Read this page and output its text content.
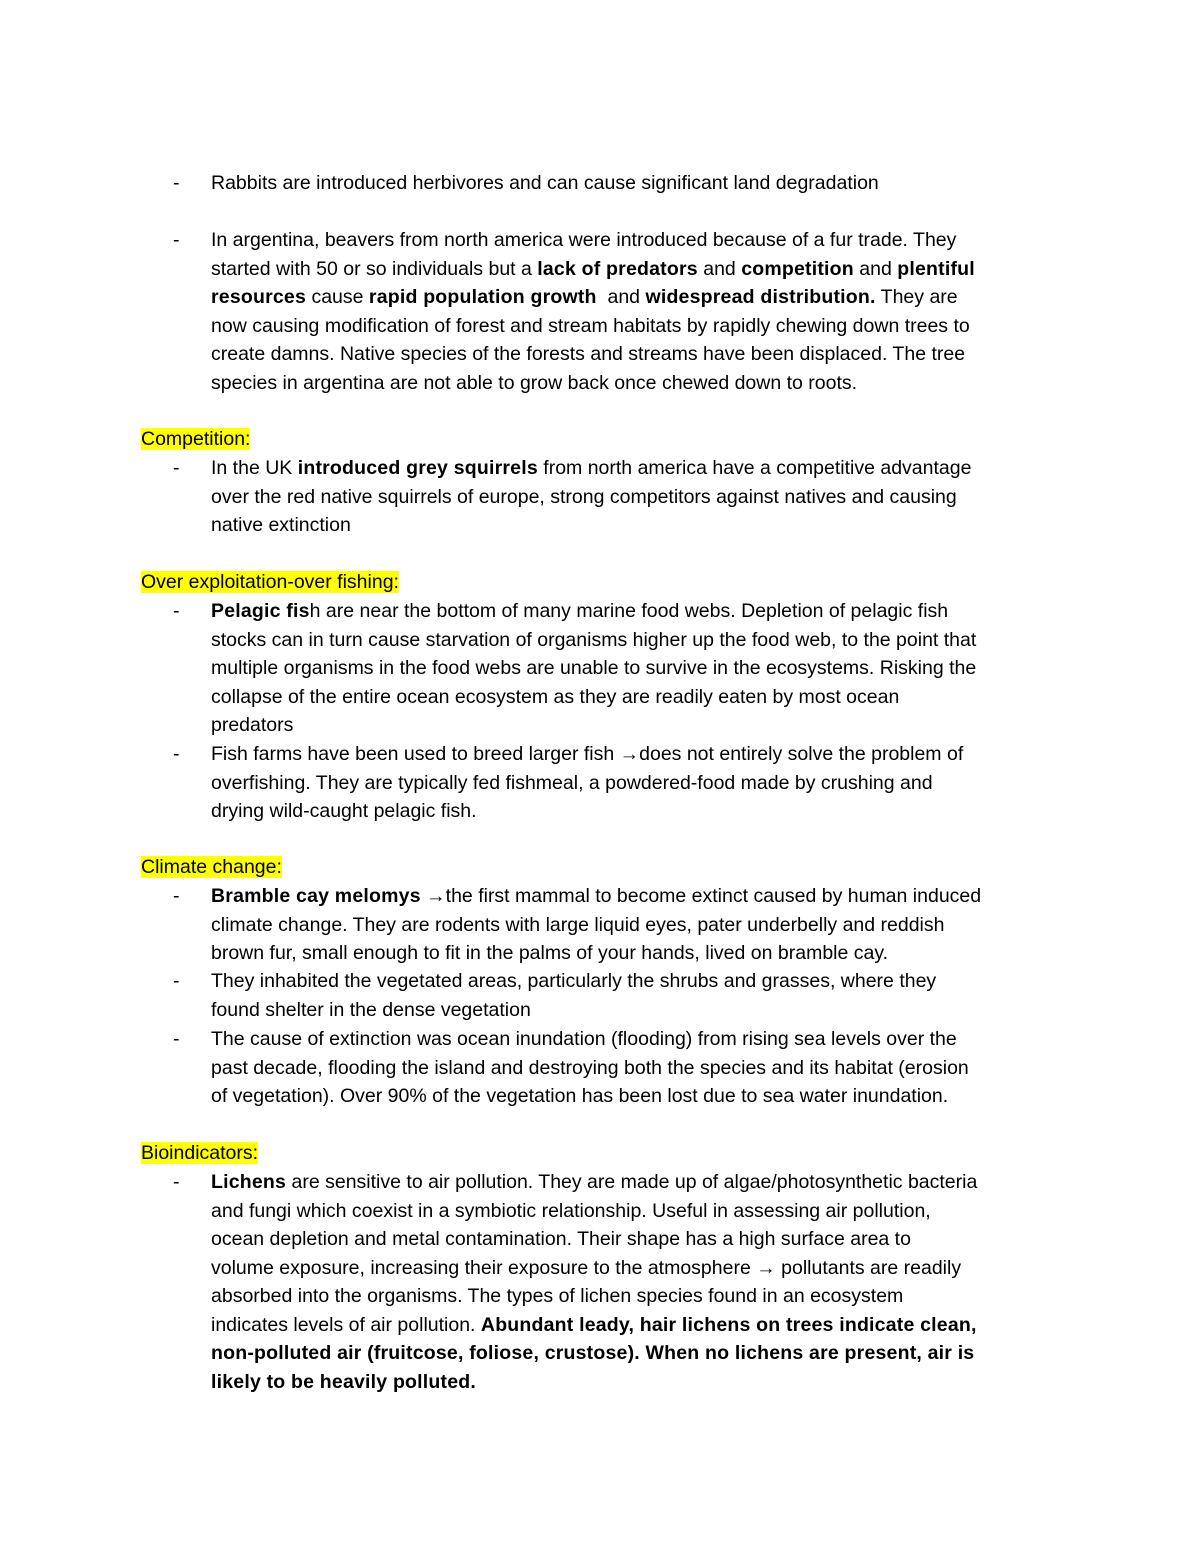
- Rabbits are introduced herbivores and can cause significant land degradation
- In argentina, beavers from north america were introduced because of a fur trade. They
started with 50 or so individuals but a lack of predators and competition and plentiful
resources cause rapid population growth  and widespread distribution. They are
now causing modification of forest and stream habitats by rapidly chewing down trees to
create damns. Native species of the forests and streams have been displaced. The tree
species in argentina are not able to grow back once chewed down to roots.
Competition:
- In the UK introduced grey squirrels from north america have a competitive advantage
over the red native squirrels of europe, strong competitors against natives and causing
native extinction
Over exploitation-over fishing:
- Pelagic fish are near the bottom of many marine food webs. Depletion of pelagic fish
stocks can in turn cause starvation of organisms higher up the food web, to the point that
multiple organisms in the food webs are unable to survive in the ecosystems. Risking the
collapse of the entire ocean ecosystem as they are readily eaten by most ocean
predators
- Fish farms have been used to breed larger fish →does not entirely solve the problem of
overfishing. They are typically fed fishmeal, a powdered-food made by crushing and
drying wild-caught pelagic fish.
Climate change:
- Bramble cay melomys →the first mammal to become extinct caused by human induced
climate change. They are rodents with large liquid eyes, pater underbelly and reddish
brown fur, small enough to fit in the palms of your hands, lived on bramble cay.
- They inhabited the vegetated areas, particularly the shrubs and grasses, where they
found shelter in the dense vegetation
- The cause of extinction was ocean inundation (flooding) from rising sea levels over the
past decade, flooding the island and destroying both the species and its habitat (erosion
of vegetation). Over 90% of the vegetation has been lost due to sea water inundation.
Bioindicators:
- Lichens are sensitive to air pollution. They are made up of algae/photosynthetic bacteria
and fungi which coexist in a symbiotic relationship. Useful in assessing air pollution,
ocean depletion and metal contamination. Their shape has a high surface area to
volume exposure, increasing their exposure to the atmosphere → pollutants are readily
absorbed into the organisms. The types of lichen species found in an ecosystem
indicates levels of air pollution. Abundant leady, hair lichens on trees indicate clean,
non-polluted air (fruitcose, foliose, crustose). When no lichens are present, air is
likely to be heavily polluted.
